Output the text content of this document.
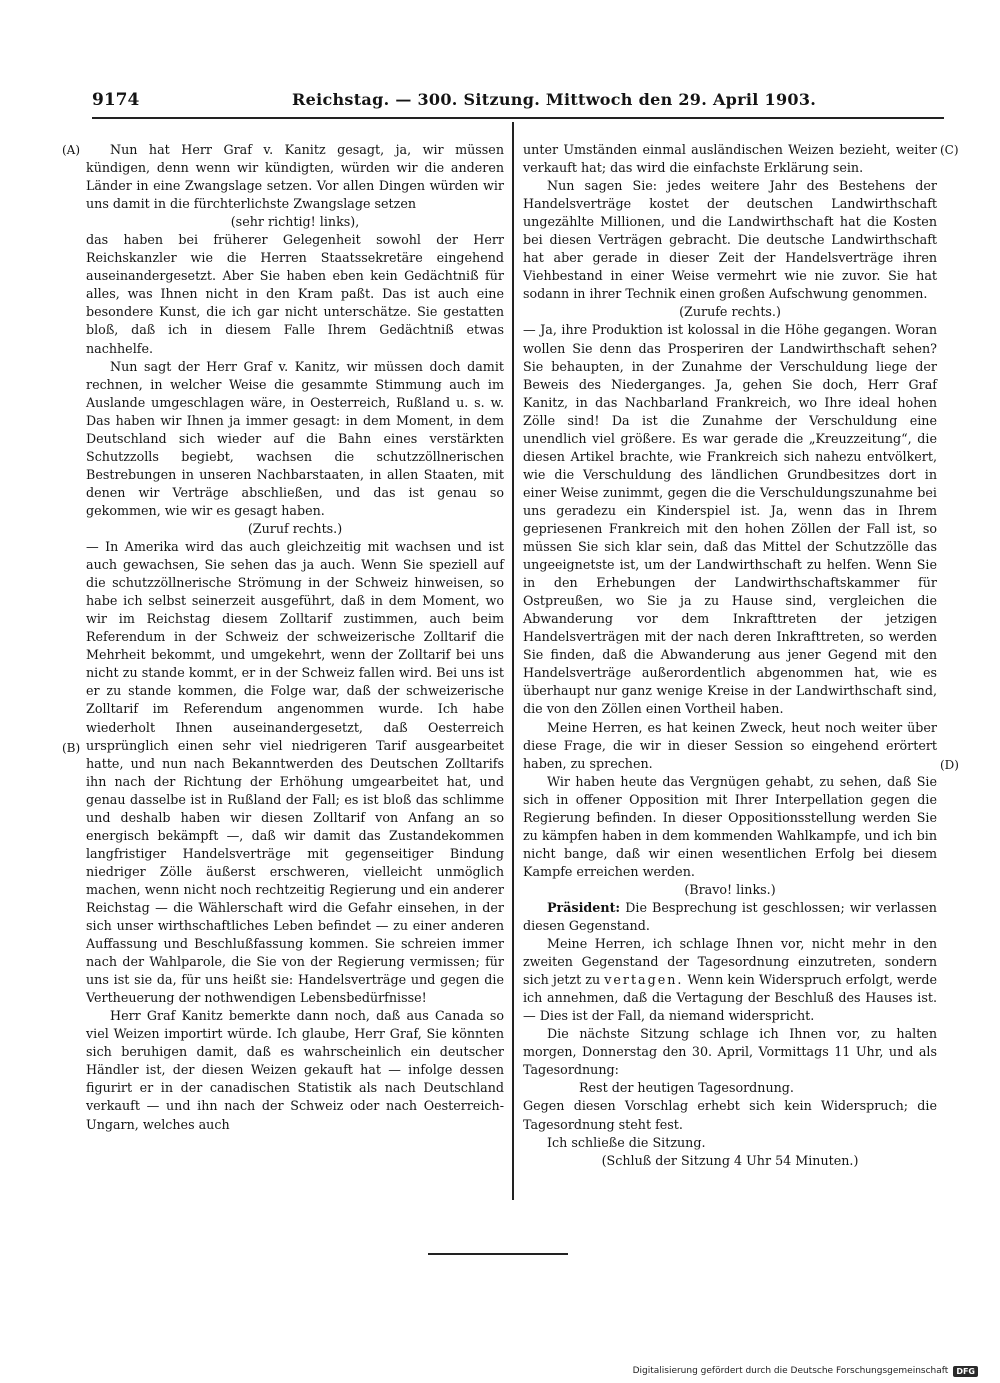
9174	Reichstag. — 300. Sitzung. Mittwoch den 29. April 1903.
(A)
(B)
(C)
(D)

Nun hat Herr Graf v. Kanitz gesagt, ja, wir müssen kündigen, denn wenn wir kündigten, würden wir die anderen Länder in eine Zwangslage setzen. Vor allen Dingen würden wir uns damit in die fürchterlichste Zwangslage setzen

(sehr richtig! links),

das haben bei früherer Gelegenheit sowohl der Herr Reichskanzler wie die Herren Staatssekretäre eingehend auseinandergesetzt. Aber Sie haben eben kein Gedächtniß für alles, was Ihnen nicht in den Kram paßt. Das ist auch eine besondere Kunst, die ich gar nicht unterschätze. Sie gestatten bloß, daß ich in diesem Falle Ihrem Gedächtniß etwas nachhelfe.

Nun sagt der Herr Graf v. Kanitz, wir müssen doch damit rechnen, in welcher Weise die gesammte Stimmung auch im Auslande umgeschlagen wäre, in Oesterreich, Rußland u. s. w. Das haben wir Ihnen ja immer gesagt: in dem Moment, in dem Deutschland sich wieder auf die Bahn eines verstärkten Schutzzolls begiebt, wachsen die schutzzöllnerischen Bestrebungen in unseren Nachbarstaaten, in allen Staaten, mit denen wir Verträge abschließen, und das ist genau so gekommen, wie wir es gesagt haben.

(Zuruf rechts.)

— In Amerika wird das auch gleichzeitig mit wachsen und ist auch gewachsen, Sie sehen das ja auch. Wenn Sie speziell auf die schutzzöllnerische Strömung in der Schweiz hinweisen, so habe ich selbst seinerzeit ausgeführt, daß in dem Moment, wo wir im Reichstag diesem Zolltarif zustimmen, auch beim Referendum in der Schweiz der schweizerische Zolltarif die Mehrheit bekommt, und umgekehrt, wenn der Zolltarif bei uns nicht zu stande kommt, er in der Schweiz fallen wird. Bei uns ist er zu stande kommen, die Folge war, daß der schweizerische Zolltarif im Referendum angenommen wurde. Ich habe wiederholt Ihnen auseinandergesetzt, daß Oesterreich ursprünglich einen sehr viel niedrigeren Tarif ausgearbeitet hatte, und nun nach Bekanntwerden des Deutschen Zolltarifs ihn nach der Richtung der Erhöhung umgearbeitet hat, und genau dasselbe ist in Rußland der Fall; es ist bloß das schlimme und deshalb haben wir diesen Zolltarif von Anfang an so energisch bekämpft —, daß wir damit das Zustandekommen langfristiger Handelsverträge mit gegenseitiger Bindung niedriger Zölle äußerst erschweren, vielleicht unmöglich machen, wenn nicht noch rechtzeitig Regierung und ein anderer Reichstag — die Wählerschaft wird die Gefahr einsehen, in der sich unser wirthschaftliches Leben befindet — zu einer anderen Auffassung und Beschlußfassung kommen. Sie schreien immer nach der Wahlparole, die Sie von der Regierung vermissen; für uns ist sie da, für uns heißt sie: Handelsverträge und gegen die Vertheuerung der nothwendigen Lebensbedürfnisse!

Herr Graf Kanitz bemerkte dann noch, daß aus Canada so viel Weizen importirt würde. Ich glaube, Herr Graf, Sie könnten sich beruhigen damit, daß es wahrscheinlich ein deutscher Händler ist, der diesen Weizen gekauft hat — infolge dessen figurirt er in der canadischen Statistik als nach Deutschland verkauft — und ihn nach der Schweiz oder nach Oesterreich-Ungarn, welches auch

unter Umständen einmal ausländischen Weizen bezieht, weiter verkauft hat; das wird die einfachste Erklärung sein.

Nun sagen Sie: jedes weitere Jahr des Bestehens der Handelsverträge kostet der deutschen Landwirthschaft ungezählte Millionen, und die Landwirthschaft hat die Kosten bei diesen Verträgen gebracht. Die deutsche Landwirthschaft hat aber gerade in dieser Zeit der Handelsverträge ihren Viehbestand in einer Weise vermehrt wie nie zuvor. Sie hat sodann in ihrer Technik einen großen Aufschwung genommen.

(Zurufe rechts.)

— Ja, ihre Produktion ist kolossal in die Höhe gegangen. Woran wollen Sie denn das Prosperiren der Landwirthschaft sehen? Sie behaupten, in der Zunahme der Verschuldung liege der Beweis des Niederganges. Ja, gehen Sie doch, Herr Graf Kanitz, in das Nachbarland Frankreich, wo Ihre ideal hohen Zölle sind! Da ist die Zunahme der Verschuldung eine unendlich viel größere. Es war gerade die „Kreuzzeitung“, die diesen Artikel brachte, wie Frankreich sich nahezu entvölkert, wie die Verschuldung des ländlichen Grundbesitzes dort in einer Weise zunimmt, gegen die die Verschuldungszunahme bei uns geradezu ein Kinderspiel ist. Ja, wenn das in Ihrem gepriesenen Frankreich mit den hohen Zöllen der Fall ist, so müssen Sie sich klar sein, daß das Mittel der Schutzzölle das ungeeignetste ist, um der Landwirthschaft zu helfen. Wenn Sie in den Erhebungen der Landwirthschaftskammer für Ostpreußen, wo Sie ja zu Hause sind, vergleichen die Abwanderung vor dem Inkrafttreten der jetzigen Handelsverträgen mit der nach deren Inkrafttreten, so werden Sie finden, daß die Abwanderung aus jener Gegend mit den Handelsverträge außerordentlich abgenommen hat, wie es überhaupt nur ganz wenige Kreise in der Landwirthschaft sind, die von den Zöllen einen Vortheil haben.

Meine Herren, es hat keinen Zweck, heut noch weiter über diese Frage, die wir in dieser Session so eingehend erörtert haben, zu sprechen.

Wir haben heute das Vergnügen gehabt, zu sehen, daß Sie sich in offener Opposition mit Ihrer Interpellation gegen die Regierung befinden. In dieser Oppositionsstellung werden Sie zu kämpfen haben in dem kommenden Wahlkampfe, und ich bin nicht bange, daß wir einen wesentlichen Erfolg bei diesem Kampfe erreichen werden.

(Bravo! links.)

Präsident: Die Besprechung ist geschlossen; wir verlassen diesen Gegenstand.

Meine Herren, ich schlage Ihnen vor, nicht mehr in den zweiten Gegenstand der Tagesordnung einzutreten, sondern sich jetzt zu vertagen. Wenn kein Widerspruch erfolgt, werde ich annehmen, daß die Vertagung der Beschluß des Hauses ist. — Dies ist der Fall, da niemand widerspricht.

Die nächste Sitzung schlage ich Ihnen vor, zu halten morgen, Donnerstag den 30. April, Vormittags 11 Uhr, und als Tagesordnung:

Rest der heutigen Tagesordnung.

Gegen diesen Vorschlag erhebt sich kein Widerspruch; die Tagesordnung steht fest.

Ich schließe die Sitzung.

(Schluß der Sitzung 4 Uhr 54 Minuten.)

Digitalisierung gefördert durch die Deutsche Forschungsgemeinschaft	DFG
